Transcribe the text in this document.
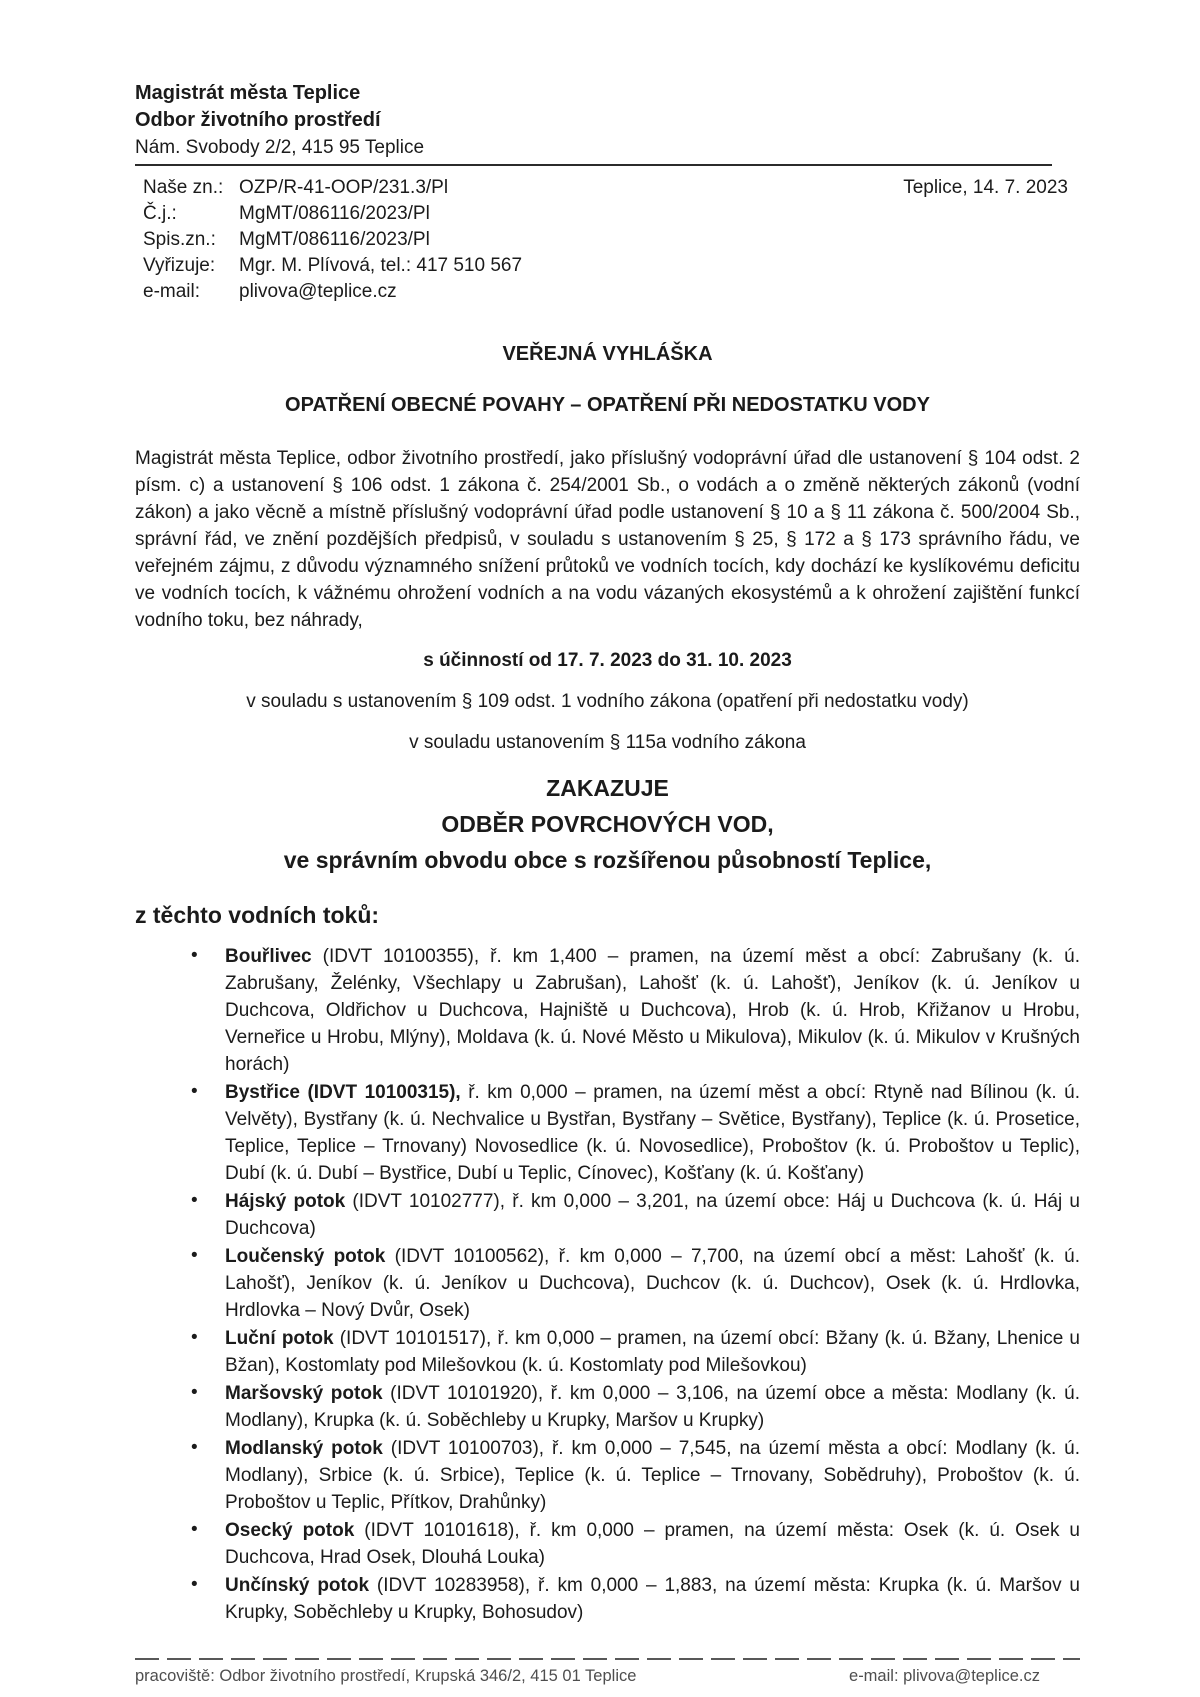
Magistrát města Teplice
Odbor životního prostředí
Nám. Svobody 2/2, 415 95 Teplice
Naše zn.: OZP/R-41-OOP/231.3/Pl	Teplice, 14. 7. 2023
Č.j.:	MgMT/086116/2023/Pl
Spis.zn.: MgMT/086116/2023/Pl
Vyřizuje: Mgr. M. Plívová, tel.: 417 510 567
e-mail: plivova@teplice.cz
VEŘEJNÁ VYHLÁŠKA
OPATŘENÍ OBECNÉ POVAHY – OPATŘENÍ PŘI NEDOSTATKU VODY
Magistrát města Teplice, odbor životního prostředí, jako příslušný vodoprávní úřad dle ustanovení § 104 odst. 2 písm. c) a ustanovení § 106 odst. 1 zákona č. 254/2001 Sb., o vodách a o změně některých zákonů (vodní zákon) a jako věcně a místně příslušný vodoprávní úřad podle ustanovení § 10 a § 11 zákona č. 500/2004 Sb., správní řád, ve znění pozdějších předpisů, v souladu s ustanovením § 25, § 172 a § 173 správního řádu, ve veřejném zájmu, z důvodu významného snížení průtoků ve vodních tocích, kdy dochází ke kyslíkovému deficitu ve vodních tocích, k vážnému ohrožení vodních a na vodu vázaných ekosystémů a k ohrožení zajištění funkcí vodního toku, bez náhrady,
s účinností od 17. 7. 2023 do 31. 10. 2023
v souladu s ustanovením § 109 odst. 1 vodního zákona (opatření při nedostatku vody)
v souladu ustanovením § 115a vodního zákona
ZAKAZUJE
ODBĚR POVRCHOVÝCH VOD,
ve správním obvodu obce s rozšířenou působností Teplice,
z těchto vodních toků:
• Bouřlivec (IDVT 10100355), ř. km 1,400 – pramen, na území měst a obcí: Zabrušany (k. ú. Zabrušany, Želénky, Všechlapy u Zabrušan), Lahošť (k. ú. Lahošť), Jeníkov (k. ú. Jeníkov u Duchcova, Oldřichov u Duchcova, Hajniště u Duchcova), Hrob (k. ú. Hrob, Křižanov u Hrobu, Verneřice u Hrobu, Mlýny), Moldava (k. ú. Nové Město u Mikulova), Mikulov (k. ú. Mikulov v Krušných horách)
• Bystřice (IDVT 10100315), ř. km 0,000 – pramen, na území měst a obcí: Rtyně nad Bílinou (k. ú. Velvěty), Bystřany (k. ú. Nechvalice u Bystřan, Bystřany – Světice, Bystřany), Teplice (k. ú. Prosetice, Teplice, Teplice – Trnovany) Novosedlice (k. ú. Novosedlice), Proboštov (k. ú. Proboštov u Teplic), Dubí (k. ú. Dubí – Bystřice, Dubí u Teplic, Cínovec), Košťany (k. ú. Košťany)
• Hájský potok (IDVT 10102777), ř. km 0,000 – 3,201, na území obce: Háj u Duchcova (k. ú. Háj u Duchcova)
• Loučenský potok (IDVT 10100562), ř. km 0,000 – 7,700, na území obcí a měst: Lahošť (k. ú. Lahošť), Jeníkov (k. ú. Jeníkov u Duchcova), Duchcov (k. ú. Duchcov), Osek (k. ú. Hrdlovka, Hrdlovka – Nový Dvůr, Osek)
• Luční potok (IDVT 10101517), ř. km 0,000 – pramen, na území obcí: Bžany (k. ú. Bžany, Lhenice u Bžan), Kostomlaty pod Milešovkou (k. ú. Kostomlaty pod Milešovkou)
• Maršovský potok (IDVT 10101920), ř. km 0,000 – 3,106, na území obce a města: Modlany (k. ú. Modlany), Krupka (k. ú. Soběchleby u Krupky, Maršov u Krupky)
• Modlanský potok (IDVT 10100703), ř. km 0,000 – 7,545, na území města a obcí: Modlany (k. ú. Modlany), Srbice (k. ú. Srbice), Teplice (k. ú. Teplice – Trnovany, Sobědruhy), Proboštov (k. ú. Proboštov u Teplic, Přítkov, Drahůnky)
• Osecký potok (IDVT 10101618), ř. km 0,000 – pramen, na území města: Osek (k. ú. Osek u Duchcova, Hrad Osek, Dlouhá Louka)
• Unčínský potok (IDVT 10283958), ř. km 0,000 – 1,883, na území města: Krupka (k. ú. Maršov u Krupky, Soběchleby u Krupky, Bohosudov)
pracoviště: Odbor životního prostředí, Krupská 346/2, 415 01 Teplice	e-mail: plivova@teplice.cz
